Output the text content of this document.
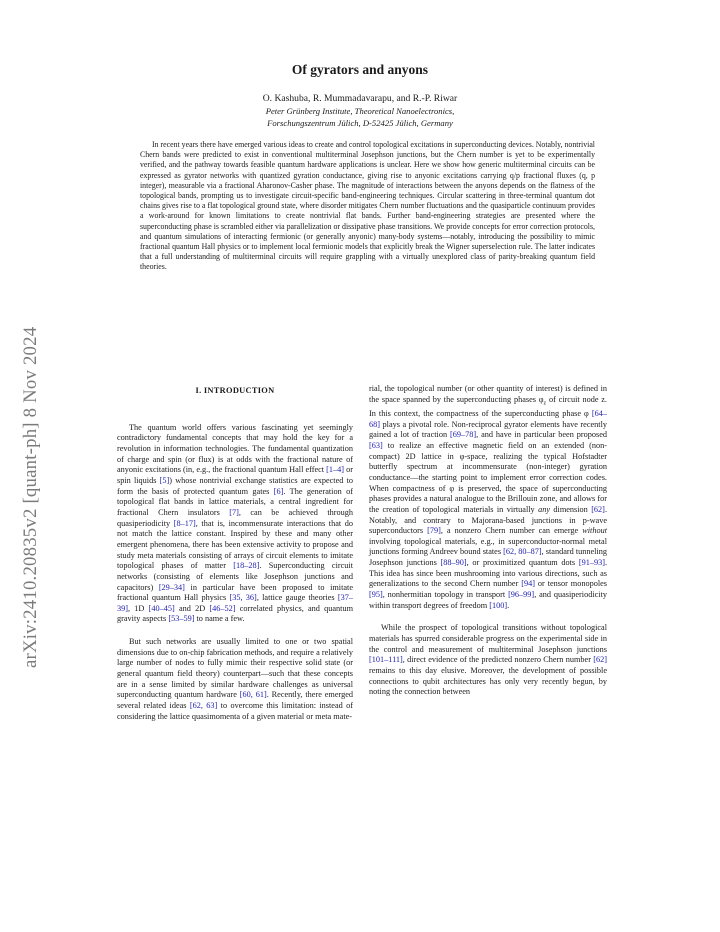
arXiv:2410.20835v2 [quant-ph] 8 Nov 2024
Of gyrators and anyons
O. Kashuba, R. Mummadavarapu, and R.-P. Riwar
Peter Grünberg Institute, Theoretical Nanoelectronics,
Forschungszentrum Jülich, D-52425 Jülich, Germany
In recent years there have emerged various ideas to create and control topological excitations in superconducting devices. Notably, nontrivial Chern bands were predicted to exist in conventional multiterminal Josephson junctions, but the Chern number is yet to be experimentally verified, and the pathway towards feasible quantum hardware applications is unclear. Here we show how generic multiterminal circuits can be expressed as gyrator networks with quantized gyration conductance, giving rise to anyonic excitations carrying q/p fractional fluxes (q, p integer), measurable via a fractional Aharonov-Casher phase. The magnitude of interactions between the anyons depends on the flatness of the topological bands, prompting us to investigate circuit-specific band-engineering techniques. Circular scattering in three-terminal quantum dot chains gives rise to a flat topological ground state, where disorder mitigates Chern number fluctuations and the quasiparticle continuum provides a work-around for known limitations to create nontrivial flat bands. Further band-engineering strategies are presented where the superconducting phase is scrambled either via parallelization or dissipative phase transitions. We provide concepts for error correction protocols, and quantum simulations of interacting fermionic (or generally anyonic) many-body systems—notably, introducing the possibility to mimic fractional quantum Hall physics or to implement local fermionic models that explicitly break the Wigner superselection rule. The latter indicates that a full understanding of multiterminal circuits will require grappling with a virtually unexplored class of parity-breaking quantum field theories.
I. INTRODUCTION

The quantum world offers various fascinating yet seemingly contradictory fundamental concepts that may hold the key for a revolution in information technologies. The fundamental quantization of charge and spin (or flux) is at odds with the fractional nature of anyonic excitations (in, e.g., the fractional quantum Hall effect [1–4] or spin liquids [5]) whose nontrivial exchange statistics are expected to form the basis of protected quantum gates [6]. The generation of topological flat bands in lattice materials, a central ingredient for fractional Chern insulators [7], can be achieved through quasiperiodicity [8–17], that is, incommensurate interactions that do not match the lattice constant. Inspired by these and many other emergent phenomena, there has been extensive activity to propose and study meta materials consisting of arrays of circuit elements to imitate topological phases of matter [18–28]. Superconducting circuit networks (consisting of elements like Josephson junctions and capacitors) [29–34] in particular have been proposed to imitate fractional quantum Hall physics [35, 36], lattice gauge theories [37–39], 1D [40–45] and 2D [46–52] correlated physics, and quantum gravity aspects [53–59] to name a few.

But such networks are usually limited to one or two spatial dimensions due to on-chip fabrication methods, and require a relatively large number of nodes to fully mimic their respective solid state (or general quantum field theory) counterpart—such that these concepts are in a sense limited by similar hardware challenges as universal superconducting quantum hardware [60, 61]. Recently, there emerged several related ideas [62, 63] to overcome this limitation: instead of considering the lattice quasimomenta of a given material or meta mate-

rial, the topological number (or other quantity of interest) is defined in the space spanned by the superconducting phases $\varphi_z$ of circuit node z. In this context, the compactness of the superconducting phase φ [64–68] plays a pivotal role. Non-reciprocal gyrator elements have recently gained a lot of traction [69–78], and have in particular been proposed [63] to realize an effective magnetic field on an extended (non-compact) 2D lattice in φ-space, realizing the typical Hofstadter butterfly spectrum at incommensurate (non-integer) gyration conductance—the starting point to implement error correction codes. When compactness of φ is preserved, the space of superconducting phases provides a natural analogue to the Brillouin zone, and allows for the creation of topological materials in virtually any dimension [62]. Notably, and contrary to Majorana-based junctions in p-wave superconductors [79], a nonzero Chern number can emerge without involving topological materials, e.g., in superconductor-normal metal junctions forming Andreev bound states [62, 80–87], standard tunneling Josephson junctions [88–90], or proximitized quantum dots [91–93]. This idea has since been mushrooming into various directions, such as generalizations to the second Chern number [94] or tensor monopoles [95], nonhermitian topology in transport [96–99], and quasiperiodicity within transport degrees of freedom [100].

While the prospect of topological transitions without topological materials has spurred considerable progress on the experimental side in the control and measurement of multiterminal Josephson junctions [101–111], direct evidence of the predicted nonzero Chern number [62] remains to this day elusive. Moreover, the development of possible connections to qubit architectures has only very recently begun, by noting the connection between
